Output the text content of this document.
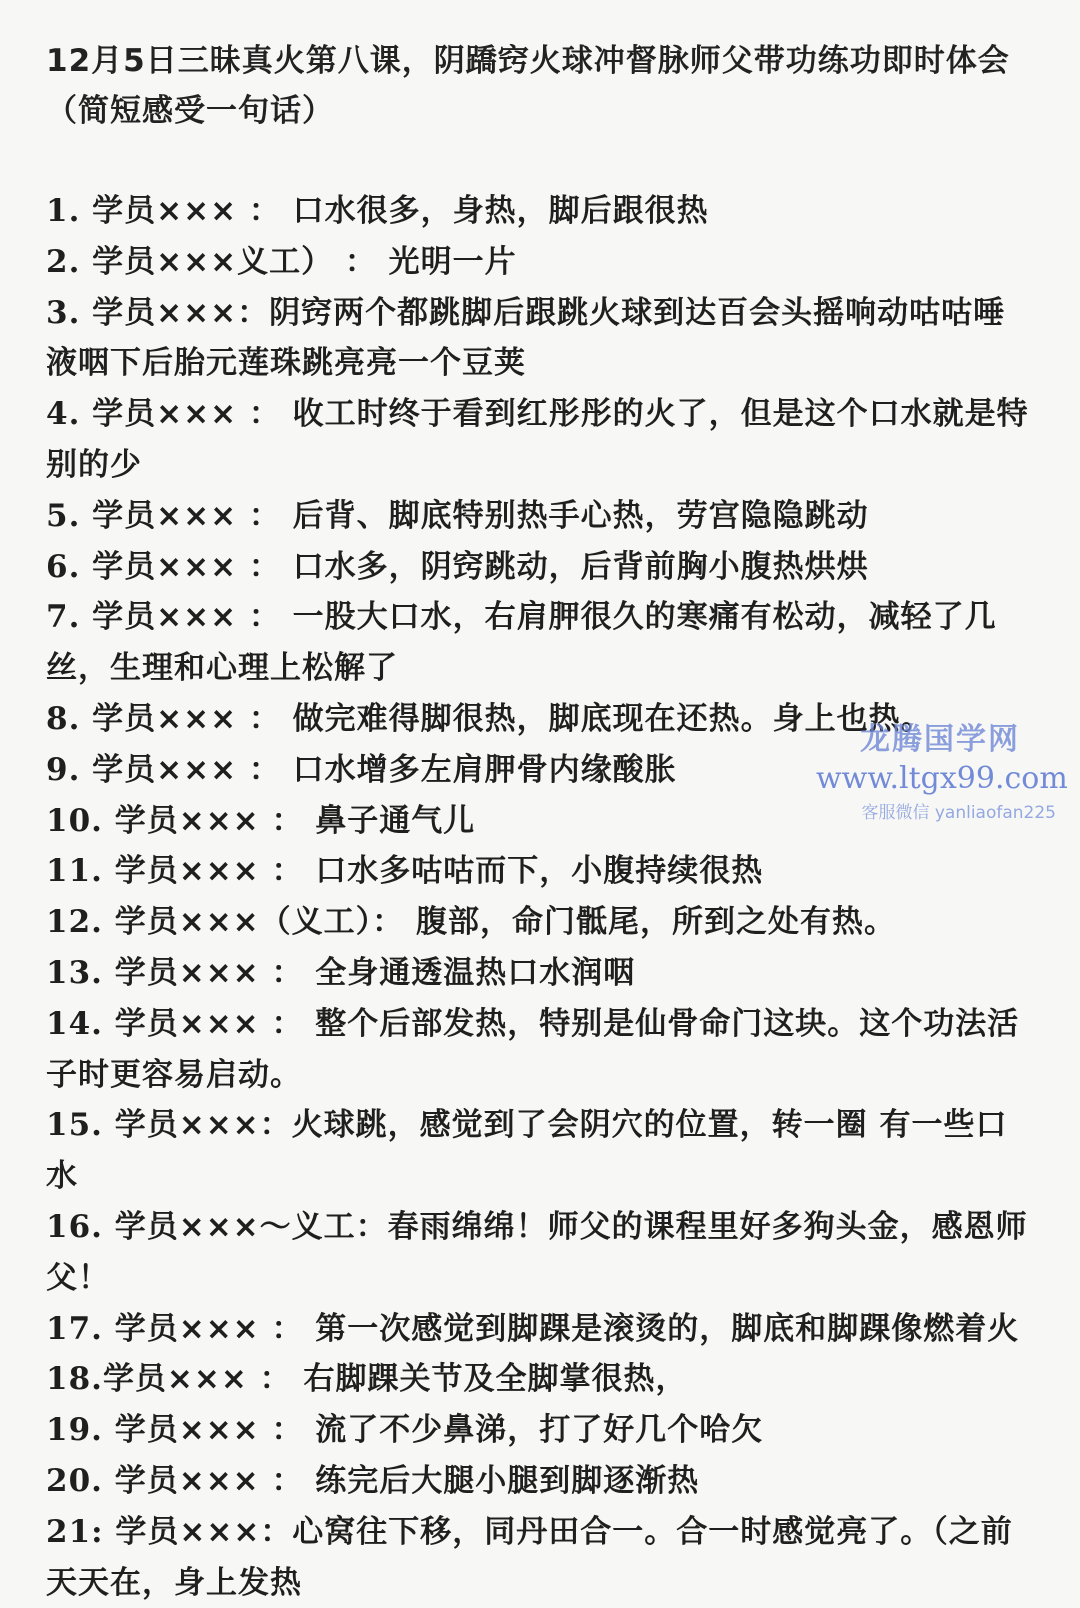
12月5日三昧真火第八课，阴蹻窍火球冲督脉师父带功练功即时体会（简短感受一句话）
1. 学员××× ： 口水很多，身热，脚后跟很热
2. 学员×××义工） ： 光明一片
3. 学员×××：阴窍两个都跳脚后跟跳火球到达百会头摇响动咕咕唾液咽下后胎元莲珠跳亮亮一个豆荚
4. 学员××× ： 收工时终于看到红彤彤的火了，但是这个口水就是特别的少
5. 学员××× ： 后背、脚底特别热手心热，劳宫隐隐跳动
6. 学员××× ： 口水多，阴窍跳动，后背前胸小腹热烘烘
7. 学员××× ： 一股大口水，右肩胛很久的寒痛有松动，减轻了几丝，生理和心理上松解了
8. 学员××× ： 做完难得脚很热，脚底现在还热。身上也热。
9. 学员××× ： 口水增多左肩胛骨内缘酸胀
10. 学员××× ： 鼻子通气儿
11. 学员××× ： 口水多咕咕而下，小腹持续很热
12. 学员×××（义工）： 腹部，命门骶尾，所到之处有热。
13. 学员××× ： 全身通透温热口水润咽
14. 学员××× ： 整个后部发热，特别是仙骨命门这块。这个功法活子时更容易启动。
15. 学员×××：火球跳，感觉到了会阴穴的位置，转一圈 有一些口水
16. 学员×××～义工：春雨绵绵！师父的课程里好多狗头金，感恩师父！
17. 学员××× ： 第一次感觉到脚踝是滚烫的，脚底和脚踝像燃着火
18.学员××× ： 右脚踝关节及全脚掌很热，
19. 学员××× ： 流了不少鼻涕，打了好几个哈欠
20. 学员××× ： 练完后大腿小腿到脚逐渐热
21: 学员×××：心窝往下移，同丹田合一。合一时感觉亮了。（之前天天在，身上发热
龙腾国学网
www.ltgx99.com
客服微信 yanliaofan225
